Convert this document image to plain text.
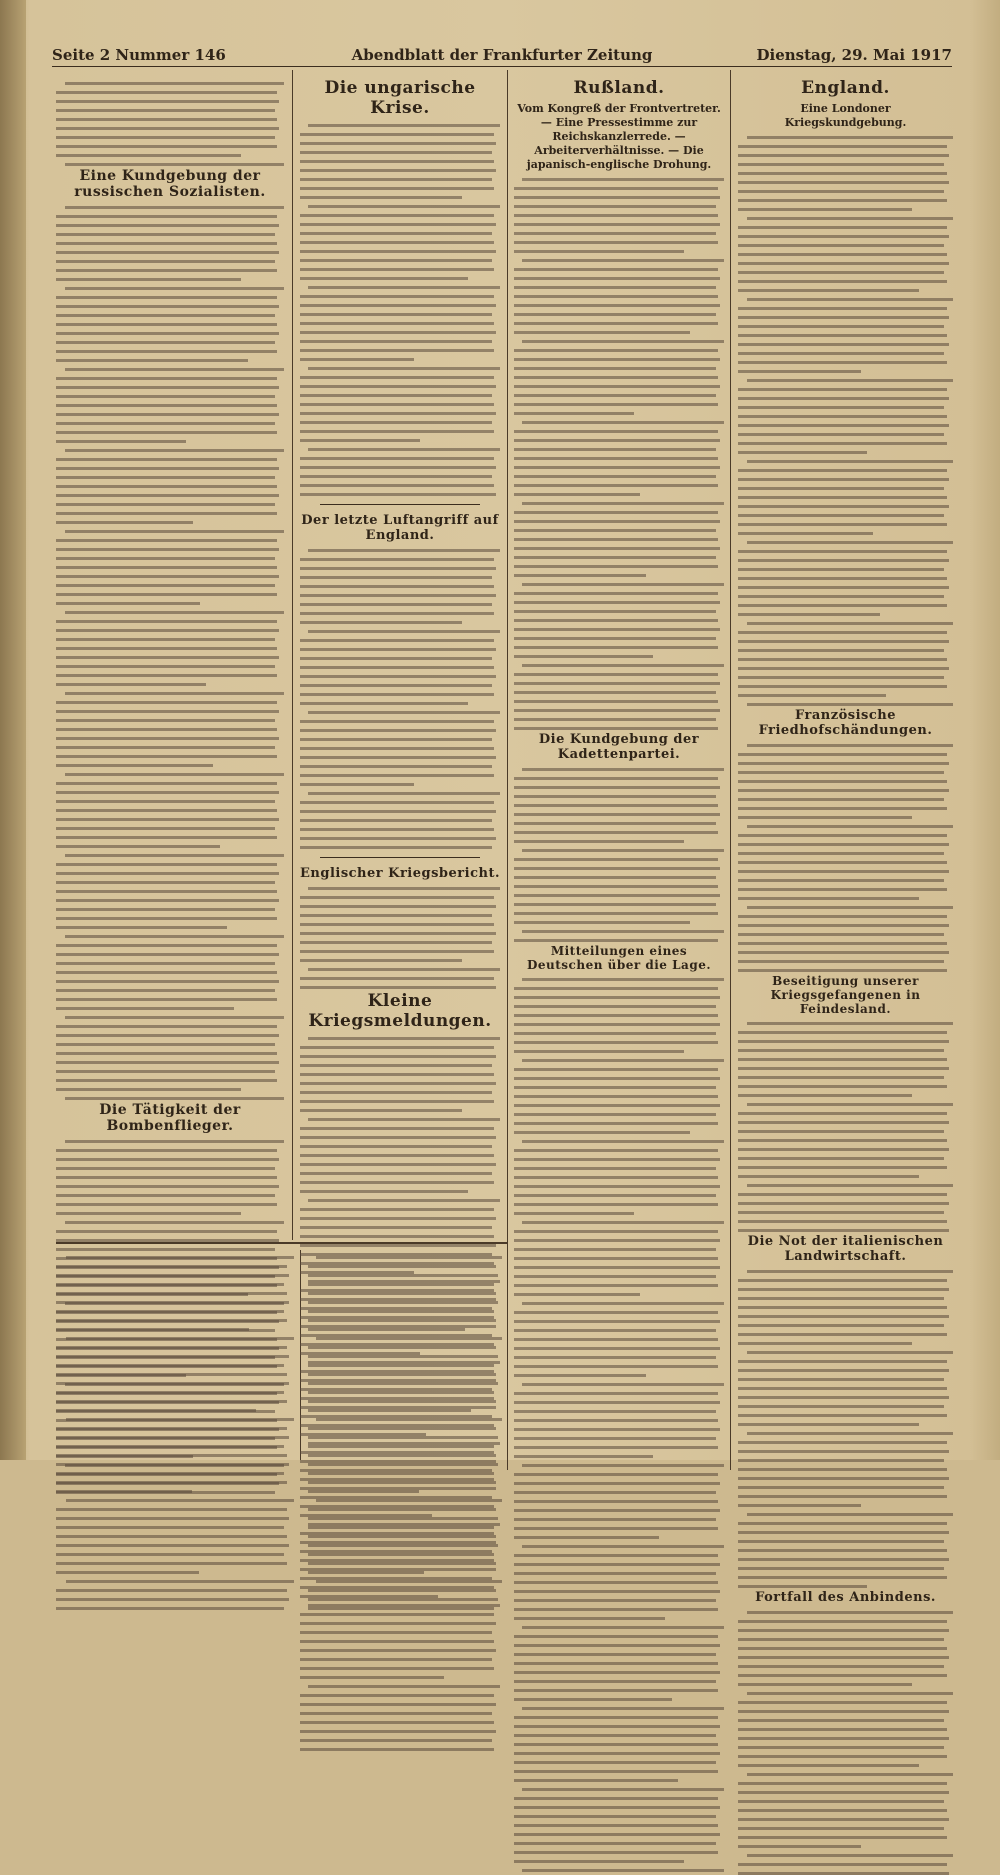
Seite 2 Nummer 146	Abendblatt der Frankfurter Zeitung	Dienstag, 29. Mai 1917
Eine Kundgebung der russischen Sozialisten.
Die Tätigkeit der Bombenflieger.
Die ungarische Krise.
Der letzte Luftangriff auf England.
Englischer Kriegsbericht.
Kleine Kriegsmeldungen.
Rußland.
Vom Kongreß der Frontvertreter. — Eine Pressestimme zur Reichskanzlerrede. — Arbeiterverhältnisse. — Die japanisch-englische Drohung.
Die Kundgebung der Kadettenpartei.
Mitteilungen eines Deutschen über die Lage.
England.
Eine Londoner Kriegskundgebung.
Französische Friedhofschändungen.
Beseitigung unserer Kriegsgefangenen in Feindesland.
Die Not der italienischen Landwirtschaft.
Fortfall des Anbindens.
